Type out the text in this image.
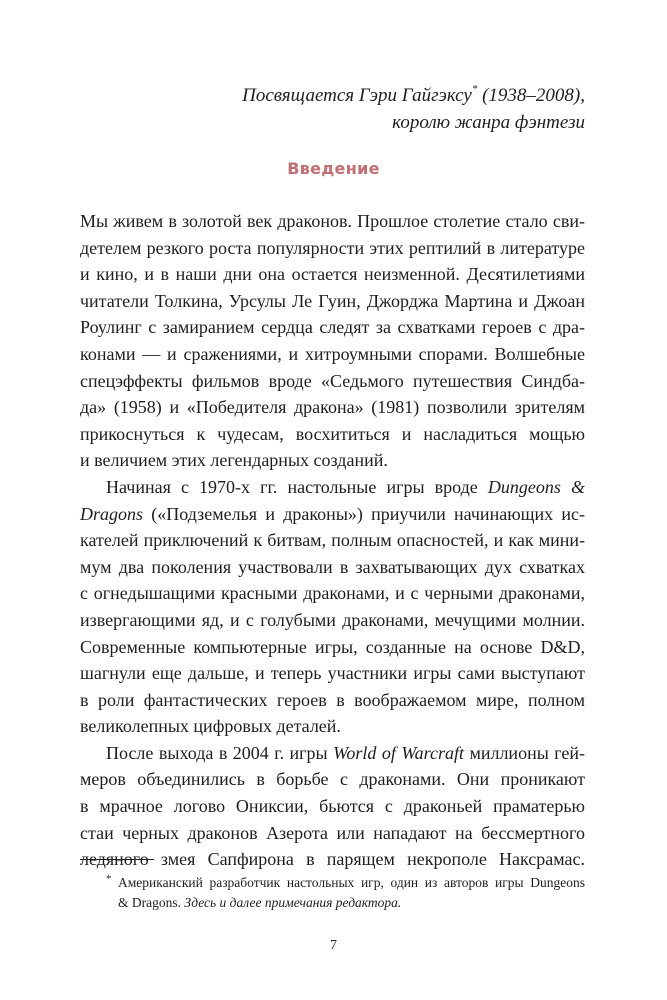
Посвящается Гэри Гайгэксу* (1938–2008),
королю жанра фэнтези
Введение
Мы живем в золотой век драконов. Прошлое столетие стало сви-
детелем резкого роста популярности этих рептилий в литературе
и кино, и в наши дни она остается неизменной. Десятилетиями
читатели Толкина, Урсулы Ле Гуин, Джорджа Мартина и Джоан
Роулинг с замиранием сердца следят за схватками героев с дра-
конами — и сражениями, и хитроумными спорами. Волшебные
спецэффекты фильмов вроде «Седьмого путешествия Синдба-
да» (1958) и «Победителя дракона» (1981) позволили зрителям
прикоснуться к чудесам, восхититься и насладиться мощью
и величием этих легендарных созданий.
Начиная с 1970-х гг. настольные игры вроде Dungeons &
Dragons («Подземелья и драконы») приучили начинающих ис-
кателей приключений к битвам, полным опасностей, и как мини-
мум два поколения участвовали в захватывающих дух схватках
с огнедышащими красными драконами, и с черными драконами,
извергающими яд, и с голубыми драконами, мечущими молнии.
Современные компьютерные игры, созданные на основе D&D,
шагнули еще дальше, и теперь участники игры сами выступают
в роли фантастических героев в воображаемом мире, полном
великолепных цифровых деталей.
После выхода в 2004 г. игры World of Warcraft миллионы гей-
меров объединились в борьбе с драконами. Они проникают
в мрачное логово Ониксии, бьются с драконьей праматерью
стаи черных драконов Азерота или нападают на бессмертного
ледяного змея Сапфирона в парящем некрополе Наксрамас.
* Американский разработчик настольных игр, один из авторов игры Dungeons
& Dragons. Здесь и далее примечания редактора.
7
